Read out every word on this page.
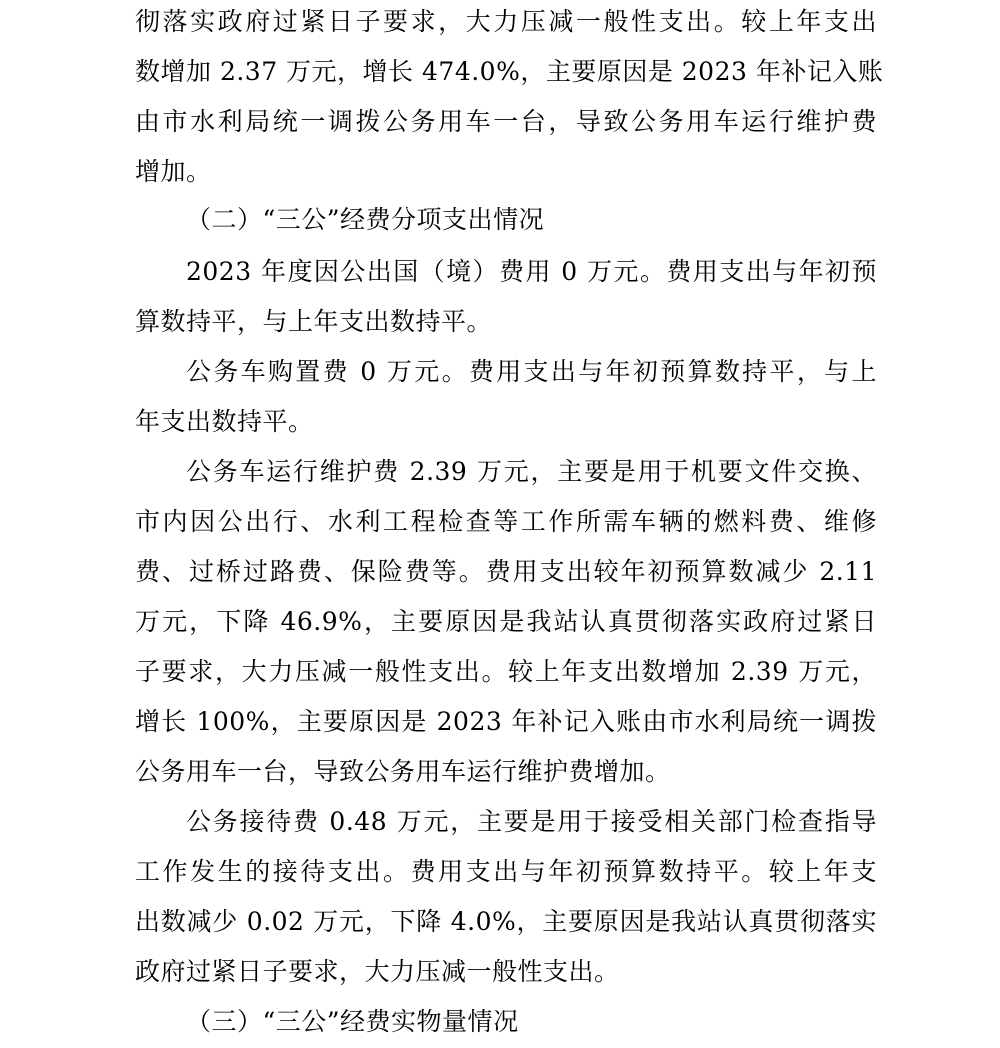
彻落实政府过紧日子要求，大力压减一般性支出。较上年支出
数增加 2.37 万元，增长 474.0%，主要原因是 2023 年补记入账
由市水利局统一调拨公务用车一台，导致公务用车运行维护费
增加。
（二）“三公”经费分项支出情况
2023 年度因公出国（境）费用 0 万元。费用支出与年初预
算数持平，与上年支出数持平。
公务车购置费 0 万元。费用支出与年初预算数持平，与上
年支出数持平。
公务车运行维护费 2.39 万元，主要是用于机要文件交换、
市内因公出行、水利工程检查等工作所需车辆的燃料费、维修
费、过桥过路费、保险费等。费用支出较年初预算数减少 2.11
万元，下降 46.9%，主要原因是我站认真贯彻落实政府过紧日
子要求，大力压减一般性支出。较上年支出数增加 2.39 万元，
增长 100%，主要原因是 2023 年补记入账由市水利局统一调拨
公务用车一台，导致公务用车运行维护费增加。
公务接待费 0.48 万元，主要是用于接受相关部门检查指导
工作发生的接待支出。费用支出与年初预算数持平。较上年支
出数减少 0.02 万元，下降 4.0%，主要原因是我站认真贯彻落实
政府过紧日子要求，大力压减一般性支出。
（三）“三公”经费实物量情况
